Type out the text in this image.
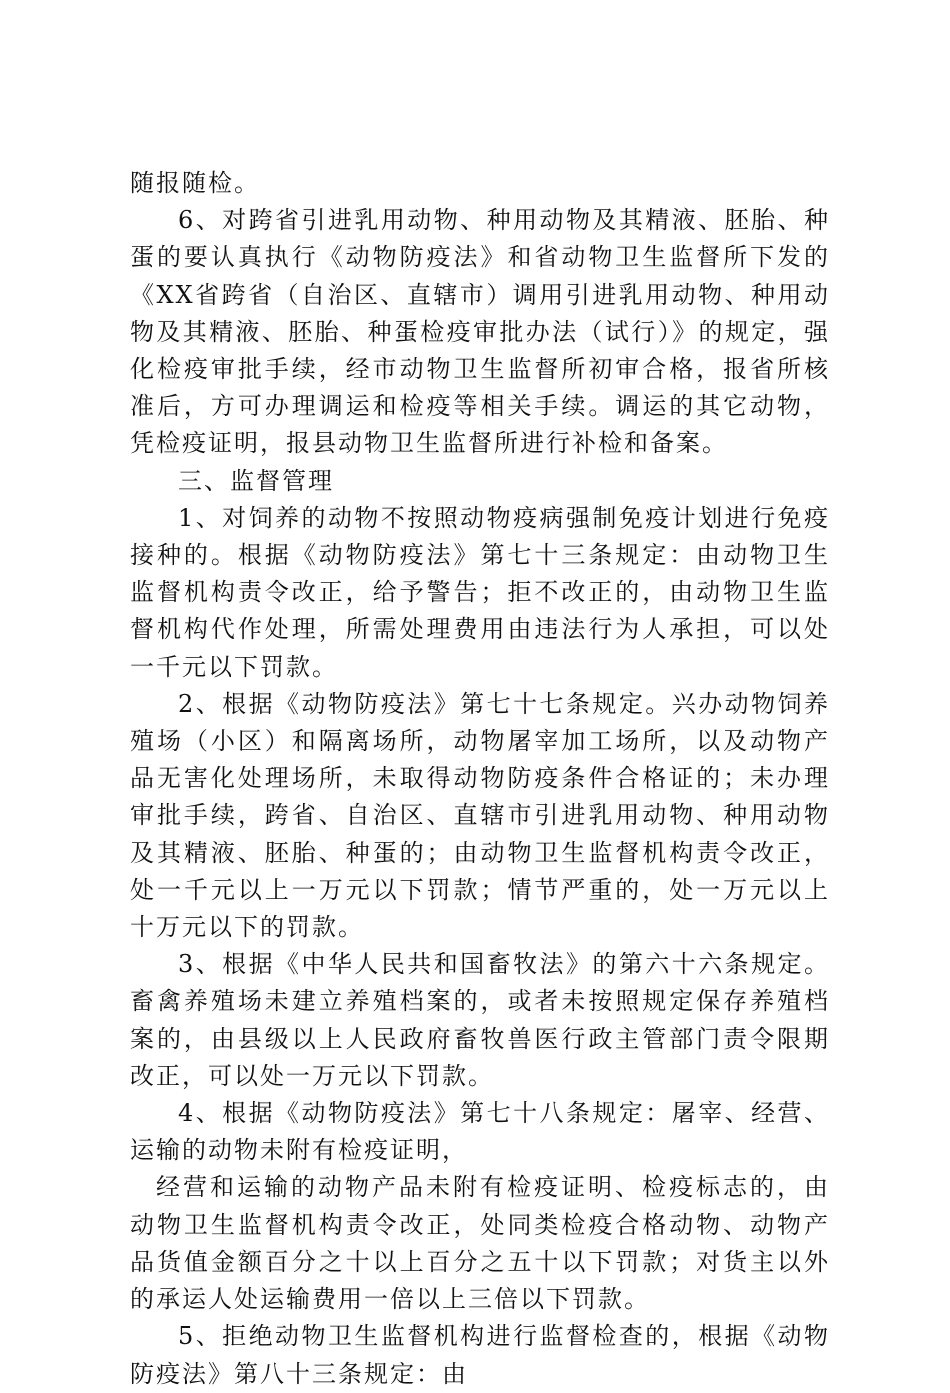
随报随检。

6、对跨省引进乳用动物、种用动物及其精液、胚胎、种蛋的要认真执行《动物防疫法》和省动物卫生监督所下发的《XX省跨省（自治区、直辖市）调用引进乳用动物、种用动物及其精液、胚胎、种蛋检疫审批办法（试行）》的规定，强化检疫审批手续，经市动物卫生监督所初审合格，报省所核准后，方可办理调运和检疫等相关手续。调运的其它动物，凭检疫证明，报县动物卫生监督所进行补检和备案。

三、监督管理

1、对饲养的动物不按照动物疫病强制免疫计划进行免疫接种的。根据《动物防疫法》第七十三条规定：由动物卫生监督机构责令改正，给予警告；拒不改正的，由动物卫生监督机构代作处理，所需处理费用由违法行为人承担，可以处一千元以下罚款。

2、根据《动物防疫法》第七十七条规定。兴办动物饲养殖场（小区）和隔离场所，动物屠宰加工场所，以及动物产品无害化处理场所，未取得动物防疫条件合格证的；未办理审批手续，跨省、自治区、直辖市引进乳用动物、种用动物及其精液、胚胎、种蛋的；由动物卫生监督机构责令改正，处一千元以上一万元以下罚款；情节严重的，处一万元以上十万元以下的罚款。

3、根据《中华人民共和国畜牧法》的第六十六条规定。畜禽养殖场未建立养殖档案的，或者未按照规定保存养殖档案的，由县级以上人民政府畜牧兽医行政主管部门责令限期改正，可以处一万元以下罚款。

4、根据《动物防疫法》第七十八条规定：屠宰、经营、运输的动物未附有检疫证明，

经营和运输的动物产品未附有检疫证明、检疫标志的，由动物卫生监督机构责令改正，处同类检疫合格动物、动物产品货值金额百分之十以上百分之五十以下罚款；对货主以外的承运人处运输费用一倍以上三倍以下罚款。

5、拒绝动物卫生监督机构进行监督检查的，根据《动物防疫法》第八十三条规定：由
